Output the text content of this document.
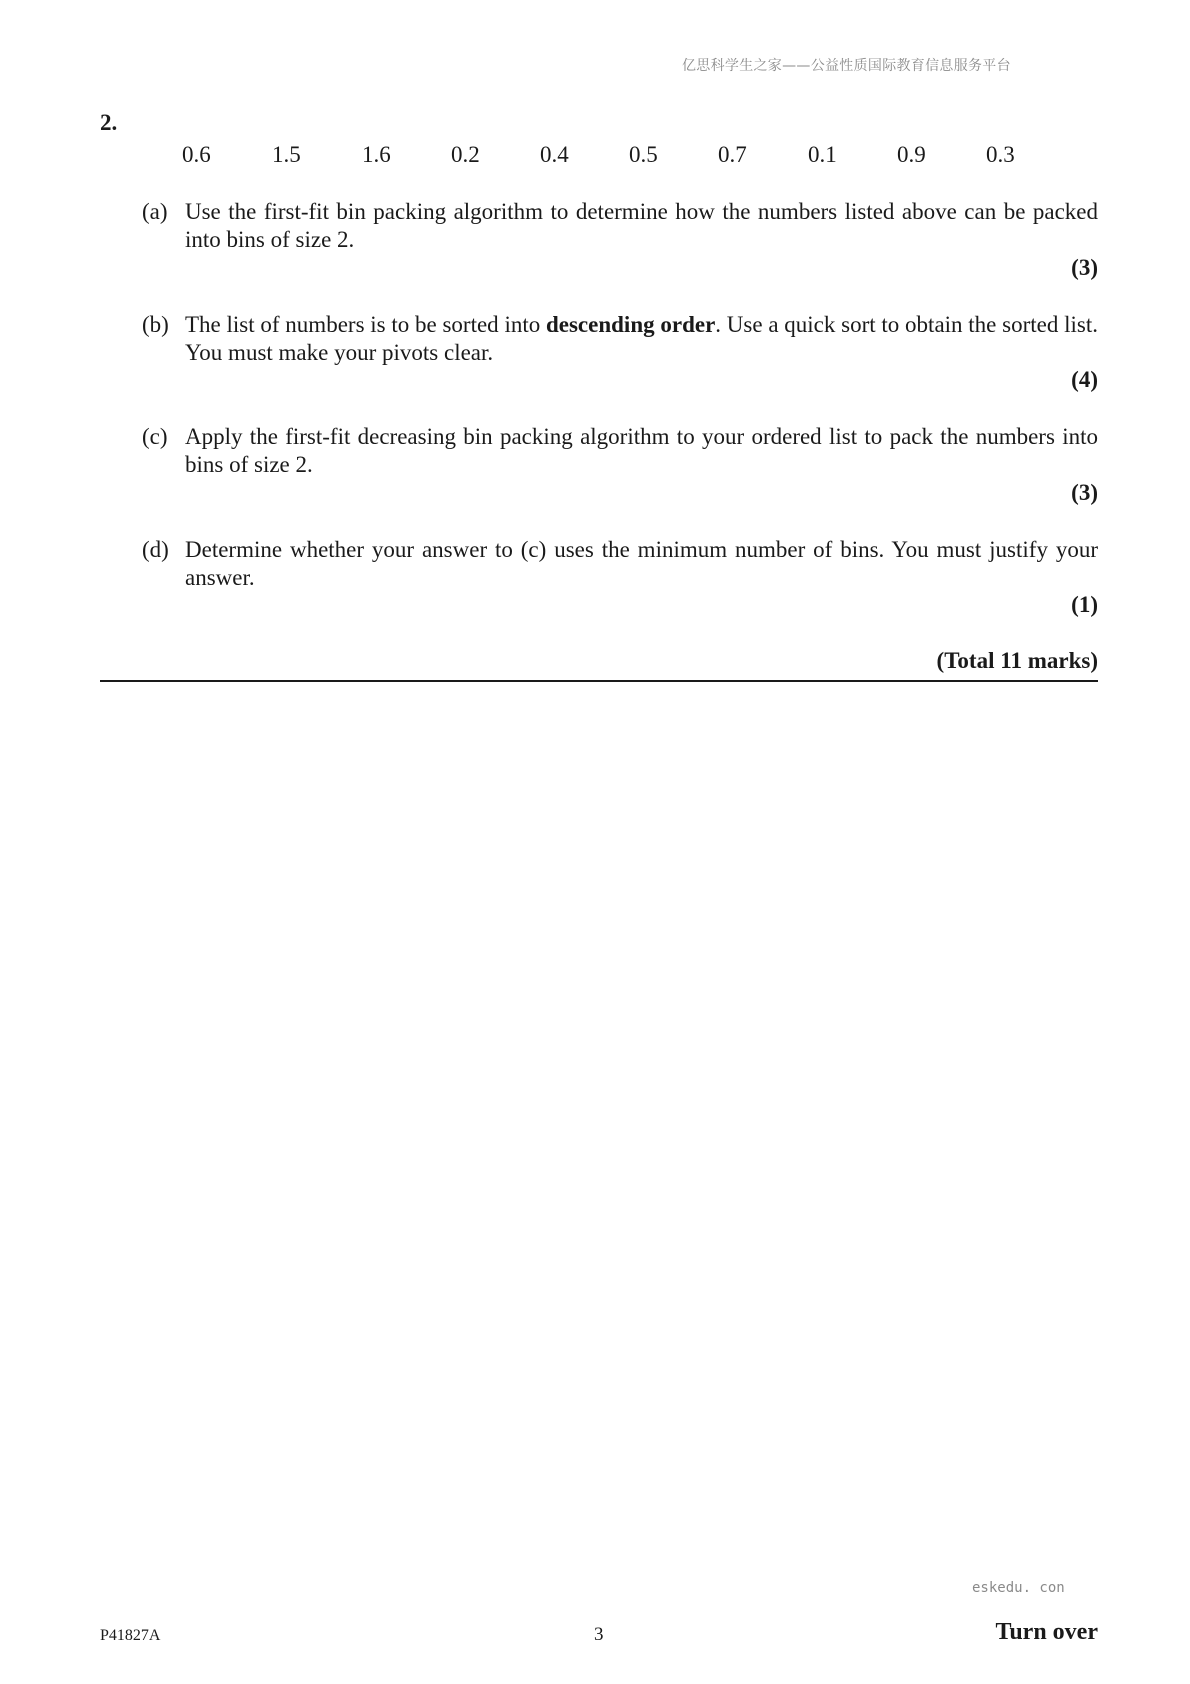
亿思科学生之家——公益性质国际教育信息服务平台
2.
0.6	1.5	1.6	0.2	0.4	0.5	0.7	0.1	0.9	0.3
(a) Use the first-fit bin packing algorithm to determine how the numbers listed above can be packed into bins of size 2.
(3)
(b) The list of numbers is to be sorted into descending order. Use a quick sort to obtain the sorted list. You must make your pivots clear.
(4)
(c) Apply the first-fit decreasing bin packing algorithm to your ordered list to pack the numbers into bins of size 2.
(3)
(d) Determine whether your answer to (c) uses the minimum number of bins. You must justify your answer.
(1)
(Total 11 marks)
eskedu. con
P41827A	3	Turn over
